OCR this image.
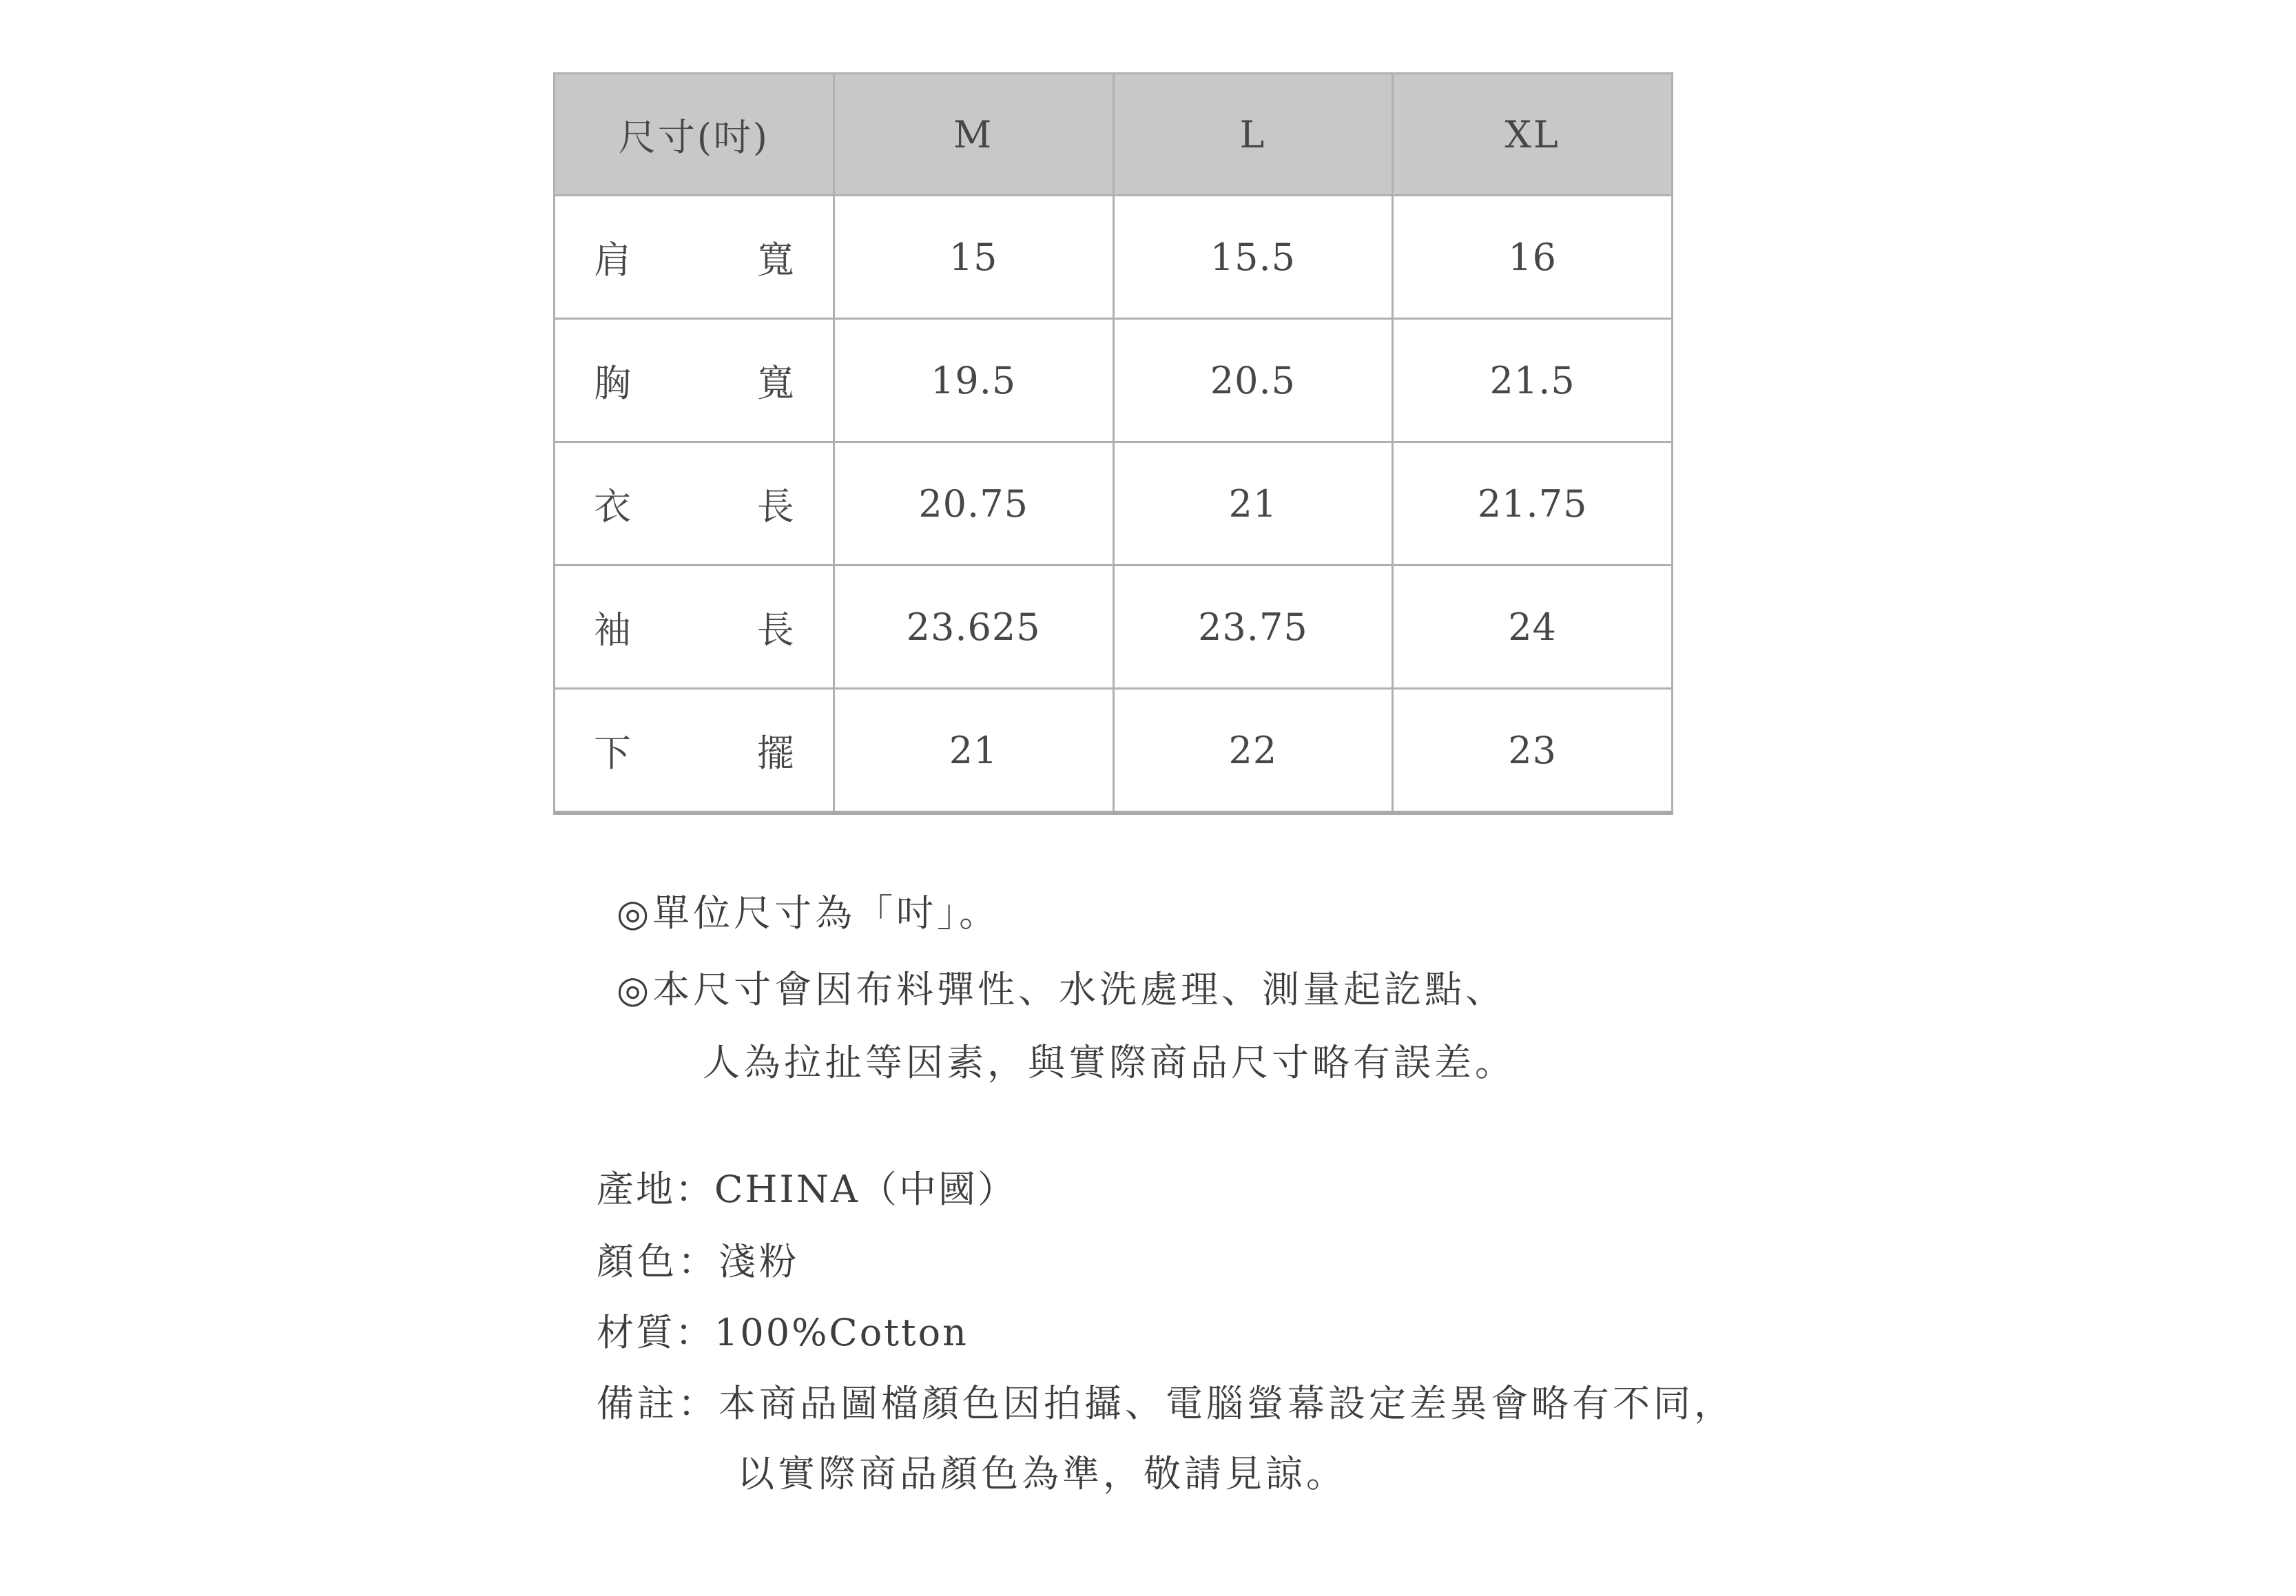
尺寸(吋)	M	L	XL

肩 寬	15	15.5	16

胸 寬	19.5	20.5	21.5

衣 長	20.75	21	21.75

袖 長	23.625	23.75	24

下 擺	21	22	23
◎單位尺寸為「吋」。
◎本尺寸會因布料彈性、水洗處理、測量起訖點、
人為拉扯等因素，與實際商品尺寸略有誤差。
產地：CHINA（中國）
顏色：淺粉
材質：100%Cotton
備註：本商品圖檔顏色因拍攝、電腦螢幕設定差異會略有不同，
以實際商品顏色為準，敬請見諒。
